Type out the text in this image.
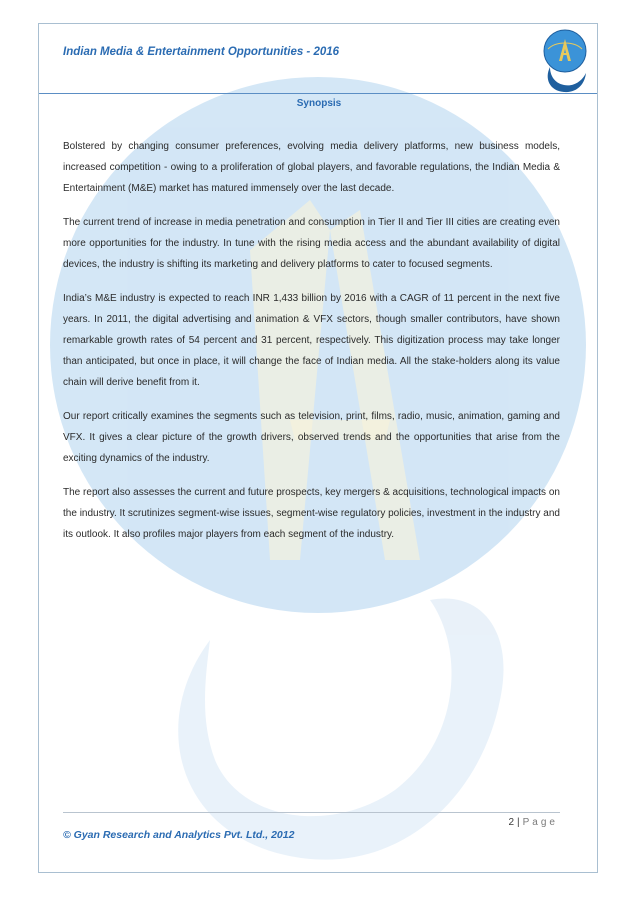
Indian Media & Entertainment Opportunities - 2016
Synopsis

Bolstered by changing consumer preferences, evolving media delivery platforms, new business models, increased competition - owing to a proliferation of global players, and favorable regulations, the Indian Media & Entertainment (M&E) market has matured immensely over the last decade.

The current trend of increase in media penetration and consumption in Tier II and Tier III cities are creating even more opportunities for the industry. In tune with the rising media access and the abundant availability of digital devices, the industry is shifting its marketing and delivery platforms to cater to focused segments.

India’s M&E industry is expected to reach INR 1,433 billion by 2016 with a CAGR of 11 percent in the next five years. In 2011, the digital advertising and animation & VFX sectors, though smaller contributors, have shown remarkable growth rates of 54 percent and 31 percent, respectively. This digitization process may take longer than anticipated, but once in place, it will change the face of Indian media. All the stake-holders along its value chain will derive benefit from it.

Our report critically examines the segments such as television, print, films, radio, music, animation, gaming and VFX. It gives a clear picture of the growth drivers, observed trends and the opportunities that arise from the exciting dynamics of the industry.

The report also assesses the current and future prospects, key mergers & acquisitions, technological impacts on the industry. It scrutinizes segment-wise issues, segment-wise regulatory policies, investment in the industry and its outlook. It also profiles major players from each segment of the industry.

2 | Page
© Gyan Research and Analytics Pvt. Ltd., 2012
